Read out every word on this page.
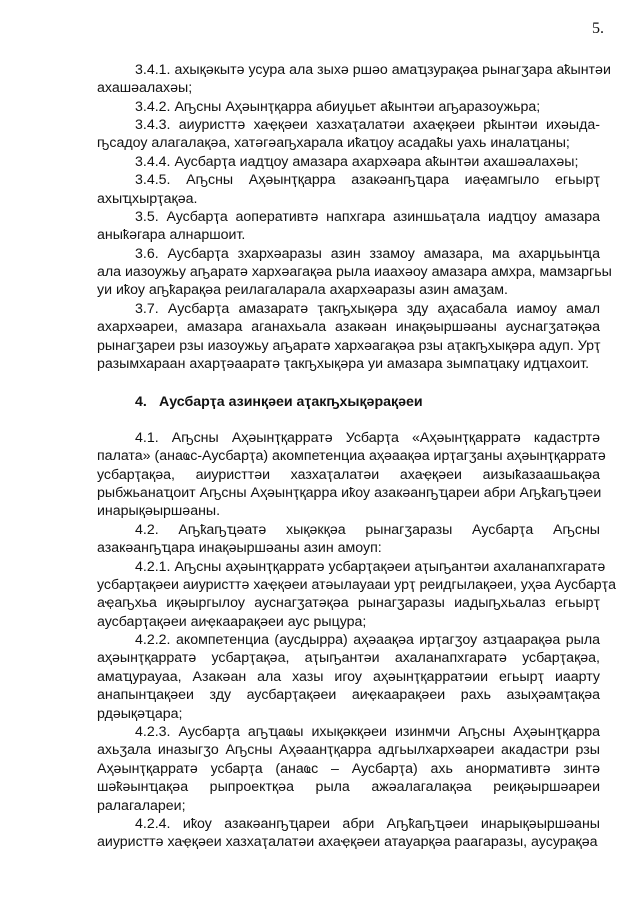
5.
3.4.1. ахықәкытә усура ала зыхә ршәо амаҵзурақәа рынагӡара аҟынтәи
ахашәалахәы;
3.4.2. Аҧсны Аҳәынҭқарра абиуџьет аҟынтәи аҧаразоужьра;
3.4.3. аиуристтә хаҿқәеи хазхаҭалатәи ахаҿқәеи рҟынтәи ихәыда-
ҧсадоу алагалақәа, хатәгәаҧхарала иҟаҵоу асадаҟы уахь иналаҵаны;
3.4.4. Аусбарҭа иадҵоу амазара ахархәара аҟынтәи ахашәалахәы;
3.4.5. Аҧсны Аҳәынҭқарра азакәанҧҵара иаҿамгыло егьырҭ
ахыҵхырҭақәа.
3.5. Аусбарҭа аоперативтә напхгара азиншьаҭала иадҵоу амазара
аныҟәгара алнаршоит.
3.6. Аусбарҭа зхархәаразы азин ззамоу амазара, ма ахарџьынҵа
ала иазоужьу аҧаратә хархәагақәа рыла иаахәоу амазара амхра, мамзаргьы
уи иҟоу аҧҟарақәа реилагаларала ахархәаразы азин амаӡам.
3.7. Аусбарҭа амазаратә ҭакҧхықәра зду аҳасабала иамоу амал
ахархәареи, амазара аганахьала азакәан инақәыршәаны ауснагӡатәқәа
рынагӡареи рзы иазоужьу аҧаратә хархәагақәа рзы аҭакҧхықәра адуп. Урҭ
разымхараан ахарҭәааратә ҭакҧхықәра уи амазара зымпаҵаку идҵахоит.
4. Аусбарҭа азинқәеи аҭакҧхықәрақәеи
4.1. Аҧсны Аҳәынҭқарратә Усбарҭа «Аҳәынҭқарратә кадастртә
палата» (анаҩс-Аусбарҭа) акомпетенциа аҳәаақәа ирҭагӡаны аҳәынҭқарратә
усбарҭақәа, аиуристтәи хазхаҭалатәи ахаҿқәеи аизыҟазаашьақәа
рыбжьанаҵоит Аҧсны Аҳәынҭқарра иҟоу азакәанҧҵареи абри Аҧҟаҧҵәеи
инарықәыршәаны.
4.2. Аҧҟаҧҵәатә хықәкқәа рынагӡаразы Аусбарҭа Аҧсны
азакәанҧҵара инақәыршәаны азин амоуп:
4.2.1. Аҧсны аҳәынҭқарратә усбарҭақәеи аҭыҧантәи ахаланапхгаратә
усбарҭақәеи аиуристтә хаҿқәеи атәылауааи урҭ реидгылақәеи, уҳәа Аусбарҭа
аҿаҧхьа иқәыргылоу ауснагӡатәқәа рынагӡаразы иадыҧхьалаз егьырҭ
аусбарҭақәеи аиҿкаарақәеи аус рыцура;
4.2.2. акомпетенциа (аусдырра) аҳәаақәа ирҭагӡоу азҵаарақәа рыла
аҳәынҭқарратә усбарҭақәа, аҭыҧантәи ахаланапхгаратә усбарҭақәа,
амаҵурауаа, Азакәан ала хазы игоу аҳәынҭқарратәии егьырҭ иаарту
анапынҵақәеи зду аусбарҭақәеи аиҿкаарақәеи рахь азыҳәамҭақәа
рдәықәҵара;
4.2.3. Аусбарҭа аҧҵаҩы ихықәкқәеи изинмчи Аҧсны Аҳәынҭқарра
ахьӡала иназыгӡо Аҧсны Аҳәаанҭқарра адгьылхархәареи акадастри рзы
Аҳәынҭқарратә усбарҭа (анаҩс – Аусбарҭа) ахь анормативтә зинтә
шәҟәынҵақәа рыпроектқәа рыла ажәалагалақәа реиқәыршәареи
ралагалареи;
4.2.4. иҟоу азакәанҧҵареи абри Аҧҟаҧҵәеи инарықәыршәаны
аиуристтә хаҿқәеи хазхаҭалатәи ахаҿқәеи атауарқәа раагаразы, аусурақәа
